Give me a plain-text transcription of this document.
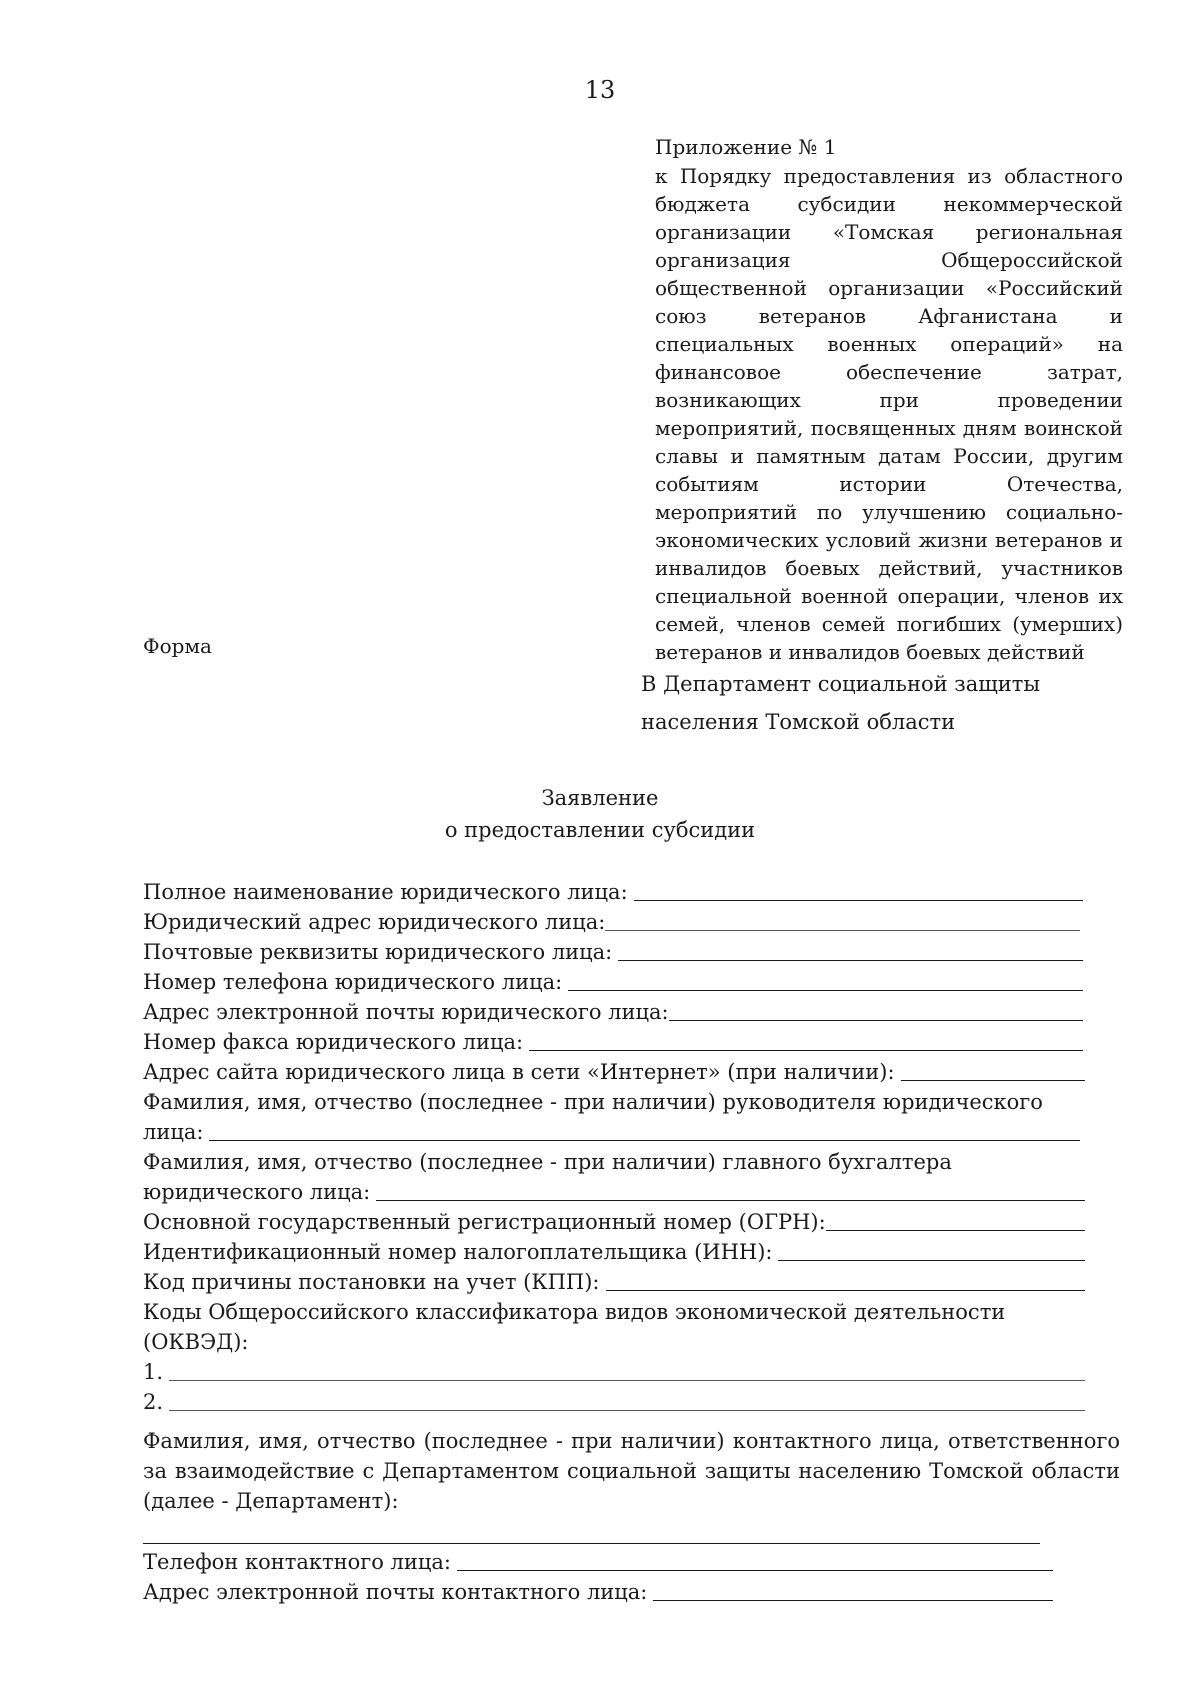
13
Приложение № 1
к Порядку предоставления из областного бюджета субсидии некоммерческой организации «Томская региональная организация Общероссийской общественной организации «Российский союз ветеранов Афганистана и специальных военных операций» на финансовое обеспечение затрат, возникающих при проведении мероприятий, посвященных дням воинской славы и памятным датам России, другим событиям истории Отечества, мероприятий по улучшению социально-экономических условий жизни ветеранов и инвалидов боевых действий, участников специальной военной операции, членов их семей, членов семей погибших (умерших) ветеранов и инвалидов боевых действий
Форма
В Департамент социальной защиты
населения Томской области
Заявление
о предоставлении субсидии
Полное наименование юридического лица:
Юридический адрес юридического лица:
Почтовые реквизиты юридического лица:
Номер телефона юридического лица:
Адрес электронной почты юридического лица:
Номер факса юридического лица:
Адрес сайта юридического лица в сети «Интернет» (при наличии):
Фамилия, имя, отчество (последнее - при наличии) руководителя юридического
лица:
Фамилия, имя, отчество (последнее - при наличии) главного бухгалтера
юридического лица:
Основной государственный регистрационный номер (ОГРН):
Идентификационный номер налогоплательщика (ИНН):
Код причины постановки на учет (КПП):
Коды Общероссийского классификатора видов экономической деятельности
(ОКВЭД):
1.
2.
Фамилия, имя, отчество (последнее - при наличии) контактного лица, ответственного за взаимодействие с Департаментом социальной защиты населению Томской области (далее - Департамент):
Телефон контактного лица:
Адрес электронной почты контактного лица:
